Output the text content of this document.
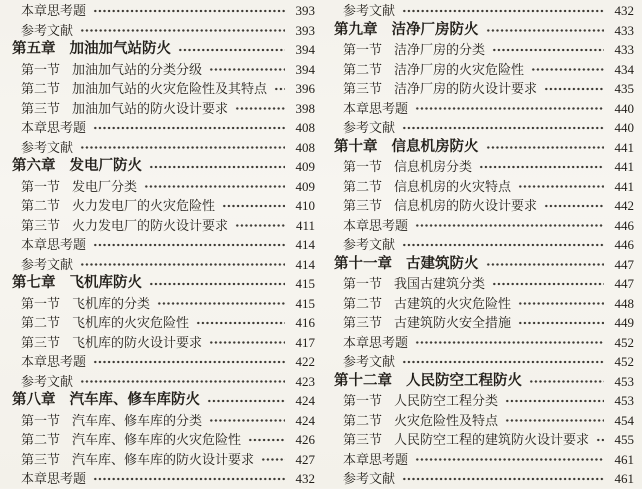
本章思考题	393
参考文献	393
第五章 加油加气站防火	394
第一节 加油加气站的分类分级	394
第二节 加油加气站的火灾危险性及其特点	396
第三节 加油加气站的防火设计要求	398
本章思考题	408
参考文献	408
第六章 发电厂防火	409
第一节 发电厂分类	409
第二节 火力发电厂的火灾危险性	410
第三节 火力发电厂的防火设计要求	411
本章思考题	414
参考文献	414
第七章 飞机库防火	415
第一节 飞机库的分类	415
第二节 飞机库的火灾危险性	416
第三节 飞机库的防火设计要求	417
本章思考题	422
参考文献	423
第八章 汽车库、修车库防火	424
第一节 汽车库、修车库的分类	424
第二节 汽车库、修车库的火灾危险性	426
第三节 汽车库、修车库的防火设计要求	427
本章思考题	432
参考文献	432
第九章 洁净厂房防火	433
第一节 洁净厂房的分类	433
第二节 洁净厂房的火灾危险性	434
第三节 洁净厂房的防火设计要求	435
本章思考题	440
参考文献	440
第十章 信息机房防火	441
第一节 信息机房分类	441
第二节 信息机房的火灾特点	441
第三节 信息机房的防火设计要求	442
本章思考题	446
参考文献	446
第十一章 古建筑防火	447
第一节 我国古建筑分类	447
第二节 古建筑的火灾危险性	448
第三节 古建筑防火安全措施	449
本章思考题	452
参考文献	452
第十二章 人民防空工程防火	453
第一节 人民防空工程分类	453
第二节 火灾危险性及特点	454
第三节 人民防空工程的建筑防火设计要求	455
本章思考题	461
参考文献	461
